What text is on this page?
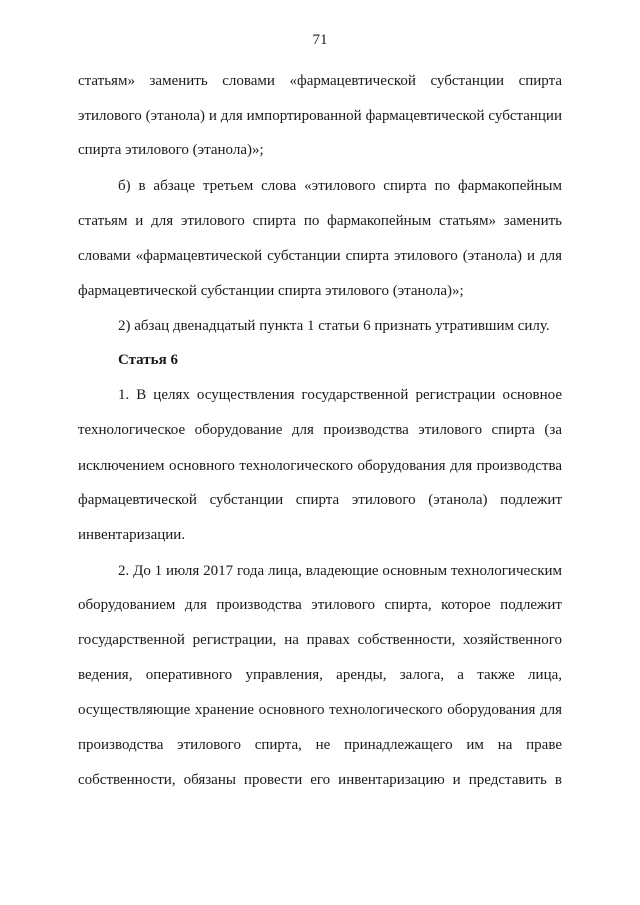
71
статьям» заменить словами «фармацевтической субстанции спирта
этилового (этанола) и для импортированной фармацевтической субстанции
спирта этилового (этанола)»;
б) в абзаце третьем слова «этилового спирта по фармакопейным
статьям и для этилового спирта по фармакопейным статьям» заменить
словами «фармацевтической субстанции спирта этилового (этанола) и для
фармацевтической субстанции спирта этилового (этанола)»;
2) абзац двенадцатый пункта 1 статьи 6 признать утратившим силу.
Статья 6
1. В целях осуществления государственной регистрации основное
технологическое оборудование для производства этилового спирта (за
исключением основного технологического оборудования для производства
фармацевтической субстанции спирта этилового (этанола) подлежит
инвентаризации.
2. До 1 июля 2017 года лица, владеющие основным технологическим
оборудованием для производства этилового спирта, которое подлежит
государственной регистрации, на правах собственности, хозяйственного
ведения, оперативного управления, аренды, залога, а также лица,
осуществляющие хранение основного технологического оборудования для
производства этилового спирта, не принадлежащего им на праве
собственности, обязаны провести его инвентаризацию и представить в
